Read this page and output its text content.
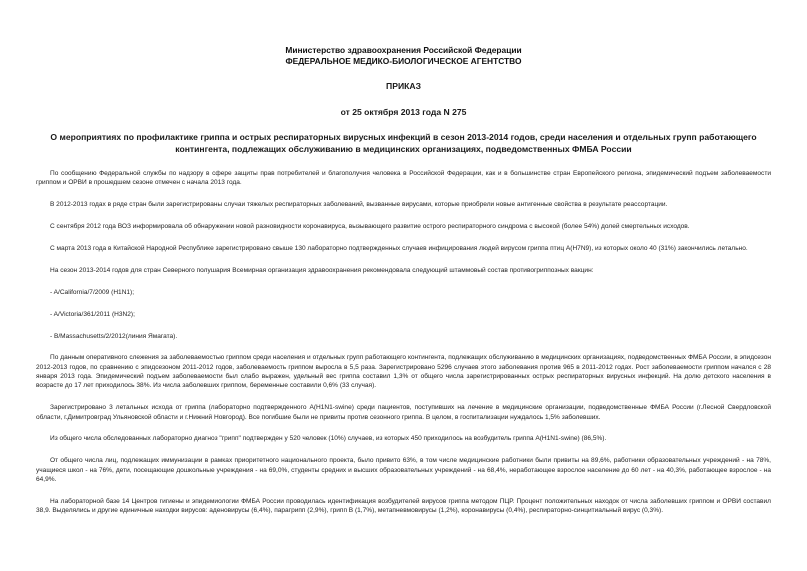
Министерство здравоохранения Российской Федерации
ФЕДЕРАЛЬНОЕ МЕДИКО-БИОЛОГИЧЕСКОЕ АГЕНТСТВО
ПРИКАЗ
от 25 октября 2013 года N 275
О мероприятиях по профилактике гриппа и острых респираторных вирусных инфекций в сезон 2013-2014 годов, среди населения и отдельных групп работающего контингента, подлежащих обслуживанию в медицинских организациях, подведомственных ФМБА России

По сообщению Федеральной службы по надзору в сфере защиты прав потребителей и благополучия человека в Российской Федерации, как и в большинстве стран Европейского региона, эпидемический подъем заболеваемости гриппом и ОРВИ в прошедшем сезоне отмечен с начала 2013 года.

В 2012-2013 годах в ряде стран были зарегистрированы случаи тяжелых респираторных заболеваний, вызванные вирусами, которые приобрели новые антигенные свойства в результате реассортации.

С сентября 2012 года ВОЗ информировала об обнаружении новой разновидности коронавируса, вызывающего развитие острого респираторного синдрома с высокой (более 54%) долей смертельных исходов.

С марта 2013 года в Китайской Народной Республике зарегистрировано свыше 130 лабораторно подтвержденных случаев инфицирования людей вирусом гриппа птиц A(H7N9), из которых около 40 (31%) закончились летально.

На сезон 2013-2014 годов для стран Северного полушария Всемирная организация здравоохранения рекомендовала следующий штаммовый состав противогриппозных вакцин:

- A/California/7/2009 (H1N1);

- A/Victoria/361/2011 (H3N2);

- B/Massachusetts/2/2012(линия Ямагата).

По данным оперативного слежения за заболеваемостью гриппом среди населения и отдельных групп работающего контингента, подлежащих обслуживанию в медицинских организациях, подведомственных ФМБА России, в эпидсезон 2012-2013 годов, по сравнению с эпидсезоном 2011-2012 годов, заболеваемость гриппом выросла в 5,5 раза. Зарегистрировано 5296 случаев этого заболевания против 965 в 2011-2012 годах. Рост заболеваемости гриппом начался с 28 января 2013 года. Эпидемический подъем заболеваемости был слабо выражен, удельный вес гриппа составил 1,3% от общего числа зарегистрированных острых респираторных вирусных инфекций. На долю детского населения в возрасте до 17 лет приходилось 38%. Из числа заболевших гриппом, беременные составили 0,6% (33 случая).

Зарегистрировано 3 летальных исхода от гриппа (лабораторно подтвержденного A(H1N1-swine) среди пациентов, поступивших на лечение в медицинские организации, подведомственные ФМБА России (г.Лесной Свердловской области, г.Димитровград Ульяновской области и г.Нижний Новгород). Все погибшие были не привиты против сезонного гриппа. В целом, в госпитализации нуждалось 1,5% заболевших.

Из общего числа обследованных лабораторно диагноз "грипп" подтвержден у 520 человек (10%) случаев, из которых 450 приходилось на возбудитель гриппа A(H1N1-swine) (86,5%).

От общего числа лиц, подлежащих иммунизации в рамках приоритетного национального проекта, было привито 63%, в том числе медицинские работники были привиты на 89,6%, работники образовательных учреждений - на 78%, учащиеся школ - на 76%, дети, посещающие дошкольные учреждения - на 69,0%, студенты средних и высших образовательных учреждений - на 68,4%, неработающее взрослое население до 60 лет - на 40,3%, работающее взрослое - на 64,9%.

На лабораторной базе 14 Центров гигиены и эпидемиологии ФМБА России проводилась идентификация возбудителей вирусов гриппа методом ПЦР. Процент положительных находок от числа заболевших гриппом и ОРВИ составил 38,9. Выделялись и другие единичные находки вирусов: аденовирусы (6,4%), парагрипп (2,9%), грипп В (1,7%), метапневмовирусы (1,2%), коронавирусы (0,4%), респираторно-синцитиальный вирус (0,3%).
